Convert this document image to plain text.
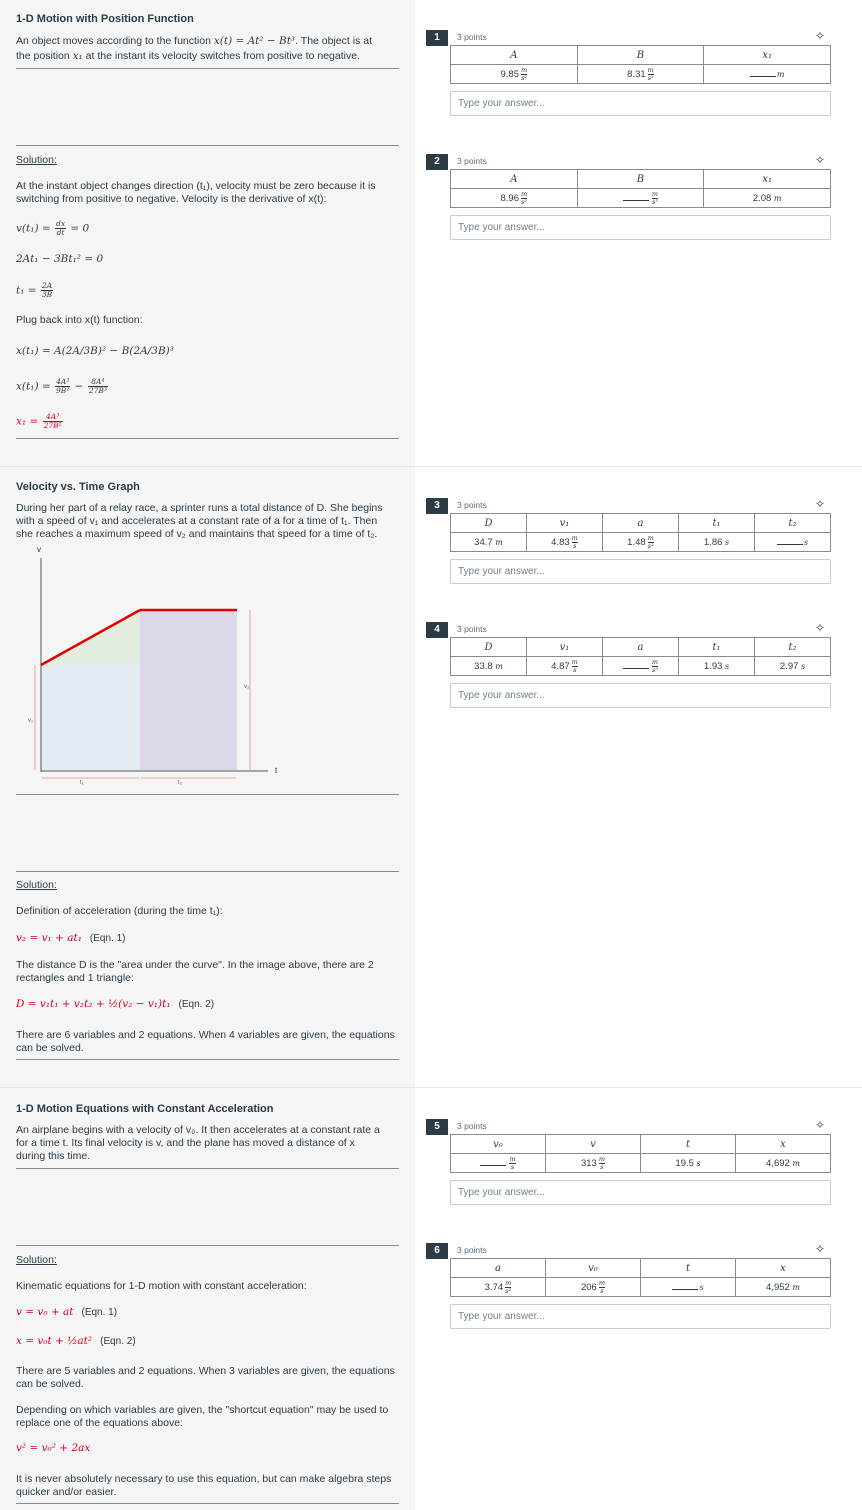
1-D Motion with Position Function
An object moves according to the function x(t) = At² − Bt³. The object is at
the position x₁ at the instant its velocity switches from positive to negative.
Solution:
At the instant object changes direction (t₁), velocity must be zero because it is
switching from positive to negative. Velocity is the derivative of x(t):
$v(t_1) = \frac{dx}{dt} = 0$
2At₁ − 3Bt₁² = 0
$t_1 = \frac{2A}{3B}$
Plug back into x(t) function:
x(t₁) = A(2A/3B)² − B(2A/3B)³
$x(t_1) = \frac{\text{4A³}}{\text{9B²}} - \frac{\text{8A⁴}}{\text{27B³}}$
$x_1 = \frac{\text{4A³}}{\text{27B²}}$
Velocity vs. Time Graph
During her part of a relay race, a sprinter runs a total distance of D. She begins
with a speed of v₁ and accelerates at a constant rate of a for a time of t₁. Then
she reaches a maximum speed of v₂ and maintains that speed for a time of t₂.
v
t
v₁
v₂
t₁	t₂
Solution:
Definition of acceleration (during the time t₁):
v₂ = v₁ + at₁ (Eqn. 1)
The distance D is the "area under the curve". In the image above, there are 2
rectangles and 1 triangle:
D = v₁t₁ + v₂t₂ + ½(v₂ − v₁)t₁ (Eqn. 2)
There are 6 variables and 2 equations. When 4 variables are given, the equations
can be solved.
1-D Motion Equations with Constant Acceleration
An airplane begins with a velocity of v₀. It then accelerates at a constant rate a
for a time t. Its final velocity is v, and the plane has moved a distance of x
during this time.
Solution:
Kinematic equations for 1-D motion with constant acceleration:
v = v₀ + at (Eqn. 1)
x = v₀t + ½at² (Eqn. 2)
There are 5 variables and 2 equations. When 3 variables are given, the equations
can be solved.
Depending on which variables are given, the "shortcut equation" may be used to
replace one of the equations above:
v² = v₀² + 2ax
It is never absolutely necessary to use this equation, but can make algebra steps
quicker and/or easier.
1	3 points	✧
A	B	x₁
$9.85 \frac{m}{\text{s²}}$	$8.31 \frac{m}{\text{s²}}$	m
Type your answer...
2	3 points	✧
A	B	x₁
$8.96 \frac{m}{\text{s²}}$	$\frac{m}{\text{s³}}$	2.08 m
Type your answer...
3	3 points	✧
D	v₁	a	t₁	t₂
34.7 m	$4.83 \frac{m}{s}$	$1.48 \frac{m}{\text{s²}}$	1.86 s	s
Type your answer...
4	3 points	✧
D	v₁	a	t₁	t₂
33.8 m	$4.87 \frac{m}{s}$	$\frac{m}{\text{s²}}$	1.93 s	2.97 s
Type your answer...
5	3 points	✧
v₀	v	t	x

$\frac{m}{s}$	$313 \frac{m}{s}$	19.5 s	4,692 m
Type your answer...
6	3 points	✧
a	v₀	t	x
$3.74 \frac{m}{\text{s²}}$	$206 \frac{m}{s}$	s	4,952 m
Type your answer...
